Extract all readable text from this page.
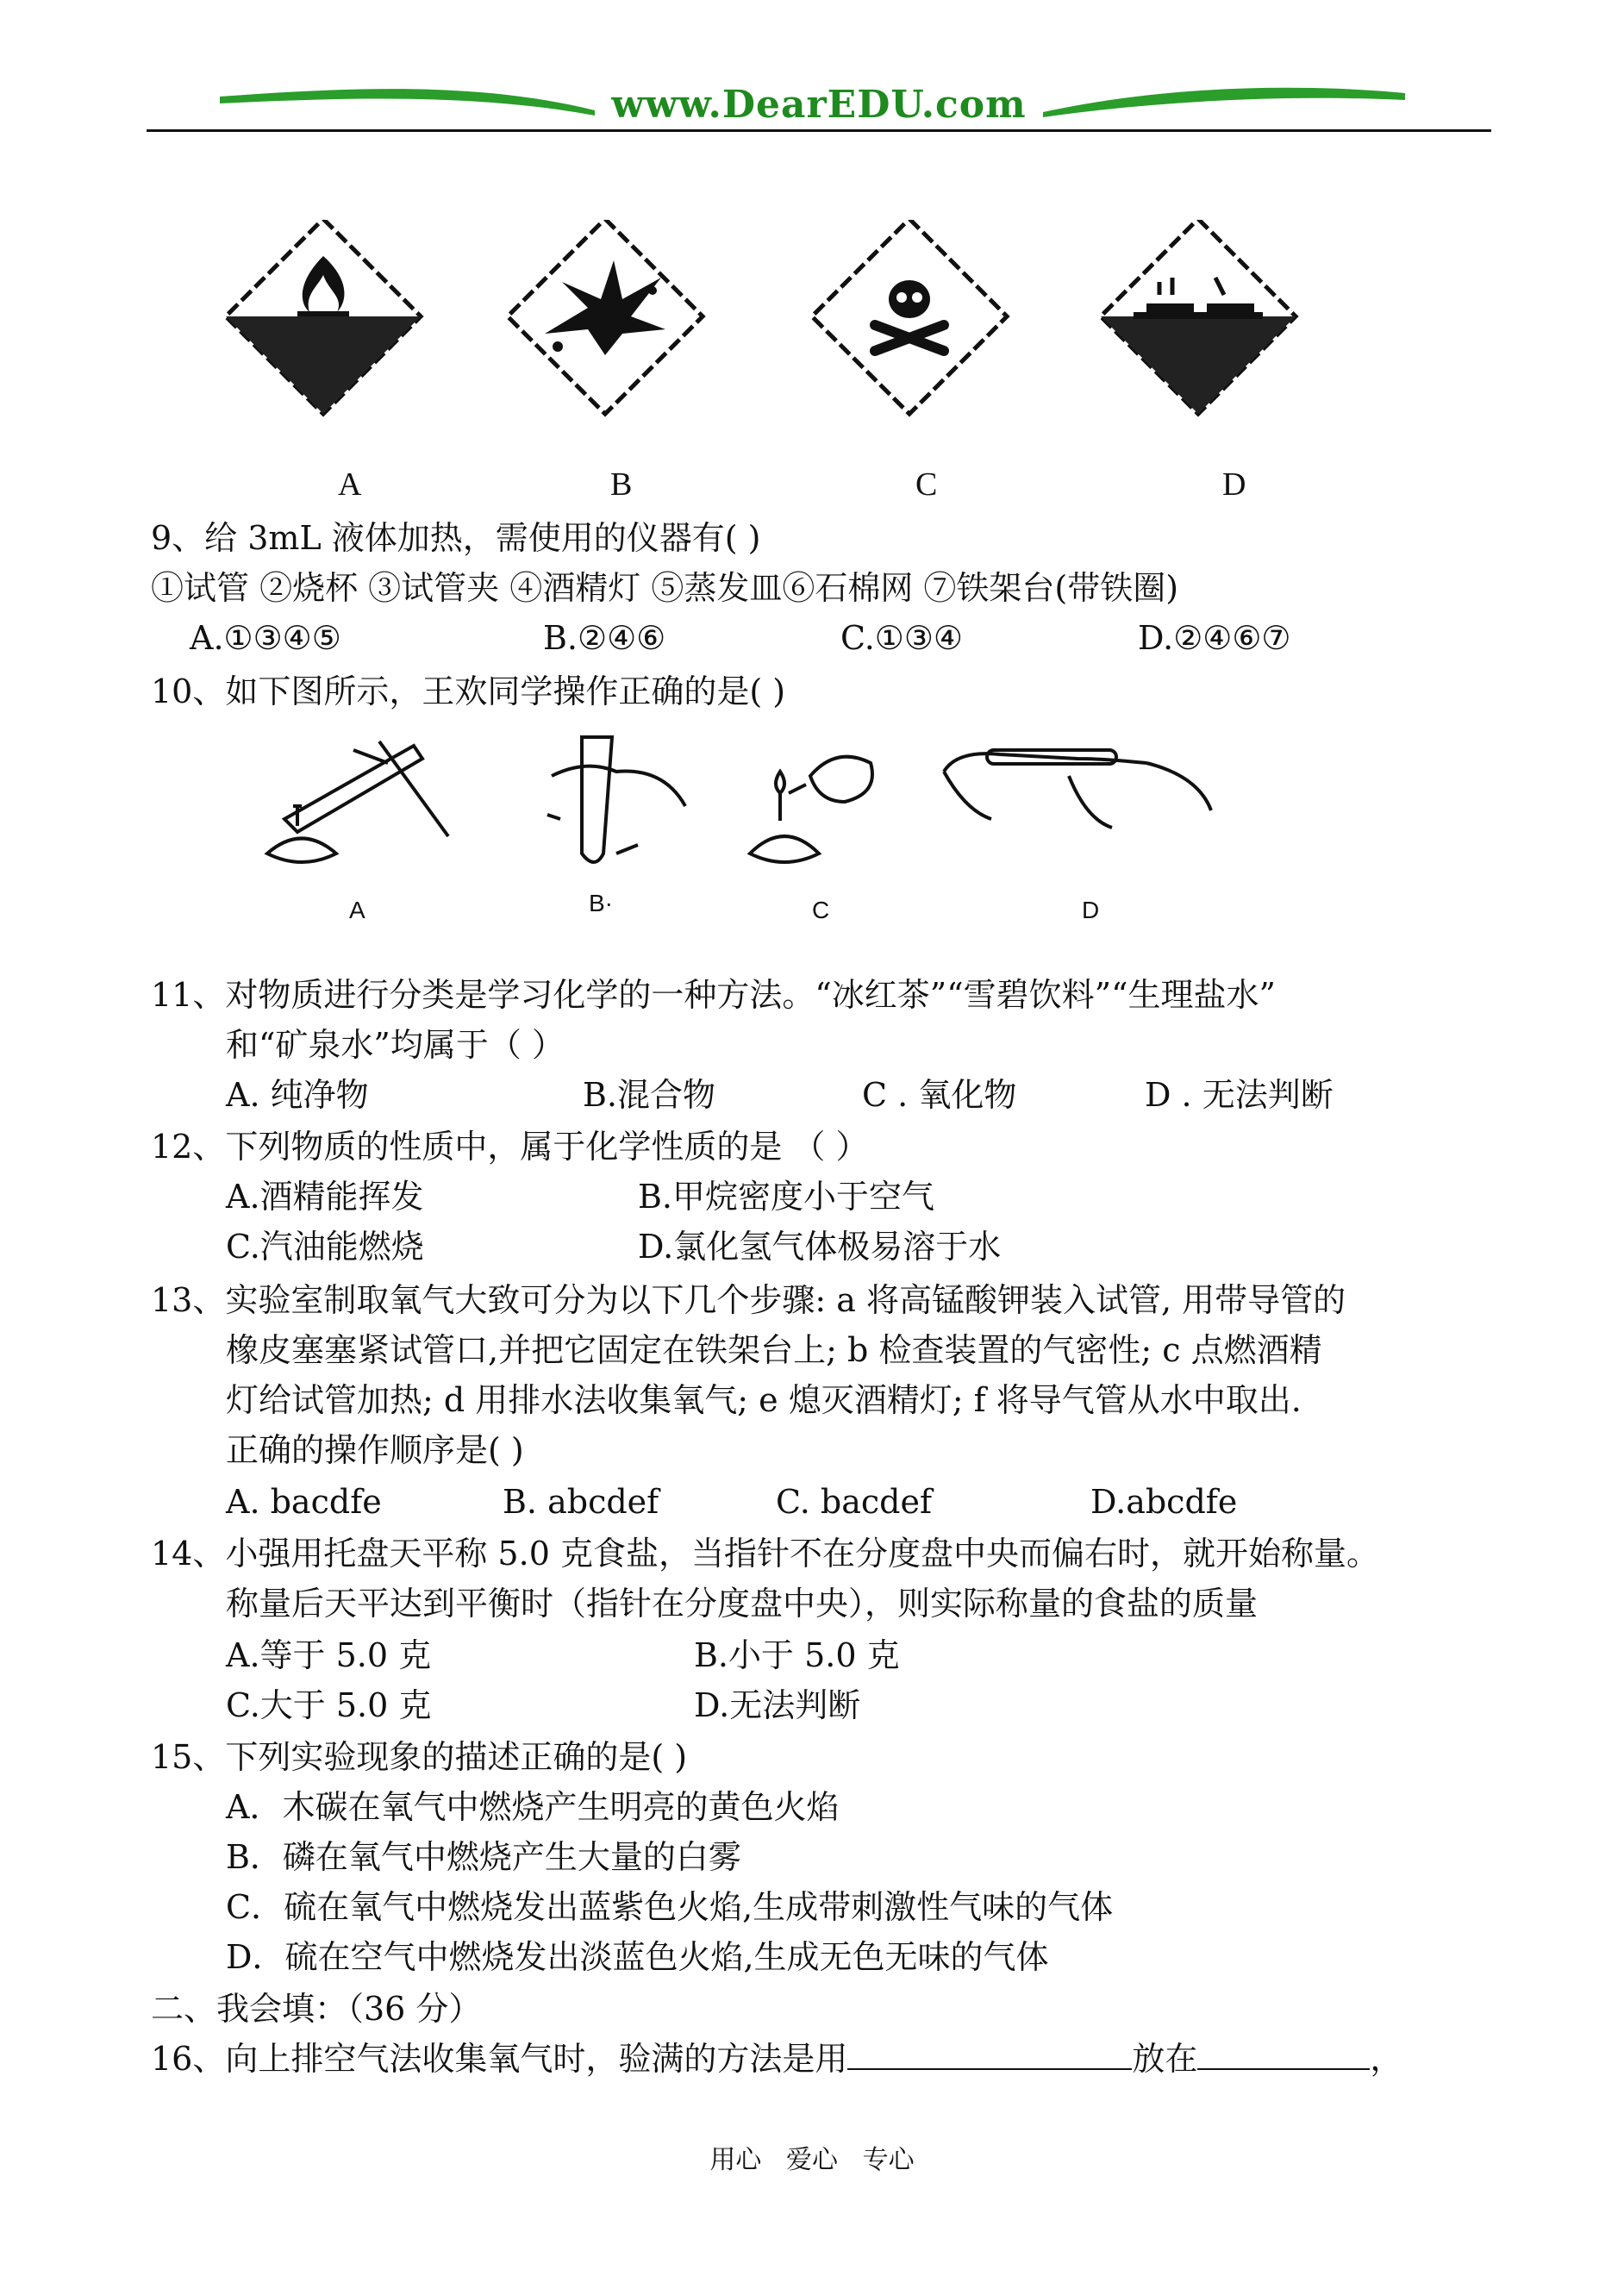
www.DearEDU.com
A	B	C	D
9、给 3mL 液体加热，需使用的仪器有( )
①试管 ②烧杯 ③试管夹 ④酒精灯 ⑤蒸发皿⑥石棉网 ⑦铁架台(带铁圈)
A.①③④⑤	B.②④⑥	C.①③④	D.②④⑥⑦
10、如下图所示，王欢同学操作正确的是( )
A	B·	C	D
11、对物质进行分类是学习化学的一种方法。“冰红茶”“雪碧饮料”“生理盐水”
和“矿泉水”均属于（ ）
A. 纯净物	B.混合物	C . 氧化物	D . 无法判断
12、下列物质的性质中，属于化学性质的是 （ ）
A.酒精能挥发	B.甲烷密度小于空气
C.汽油能燃烧	D.氯化氢气体极易溶于水
13、实验室制取氧气大致可分为以下几个步骤: a 将高锰酸钾装入试管, 用带导管的
橡皮塞塞紧试管口,并把它固定在铁架台上; b 检查装置的气密性; c 点燃酒精
灯给试管加热; d 用排水法收集氧气; e 熄灭酒精灯; f 将导气管从水中取出.
正确的操作顺序是( )
A. bacdfe	B. abcdef	C. bacdef	D.abcdfe
14、小强用托盘天平称 5.0 克食盐，当指针不在分度盘中央而偏右时，就开始称量。
称量后天平达到平衡时（指针在分度盘中央），则实际称量的食盐的质量
A.等于 5.0 克	B.小于 5.0 克
C.大于 5.0 克	D.无法判断
15、下列实验现象的描述正确的是( )
A．木碳在氧气中燃烧产生明亮的黄色火焰
B．磷在氧气中燃烧产生大量的白雾
C．硫在氧气中燃烧发出蓝紫色火焰,生成带刺激性气味的气体
D．硫在空气中燃烧发出淡蓝色火焰,生成无色无味的气体
二、我会填：（36 分）
16、向上排空气法收集氧气时，验满的方法是用	放在	，
用心   爱心   专心
